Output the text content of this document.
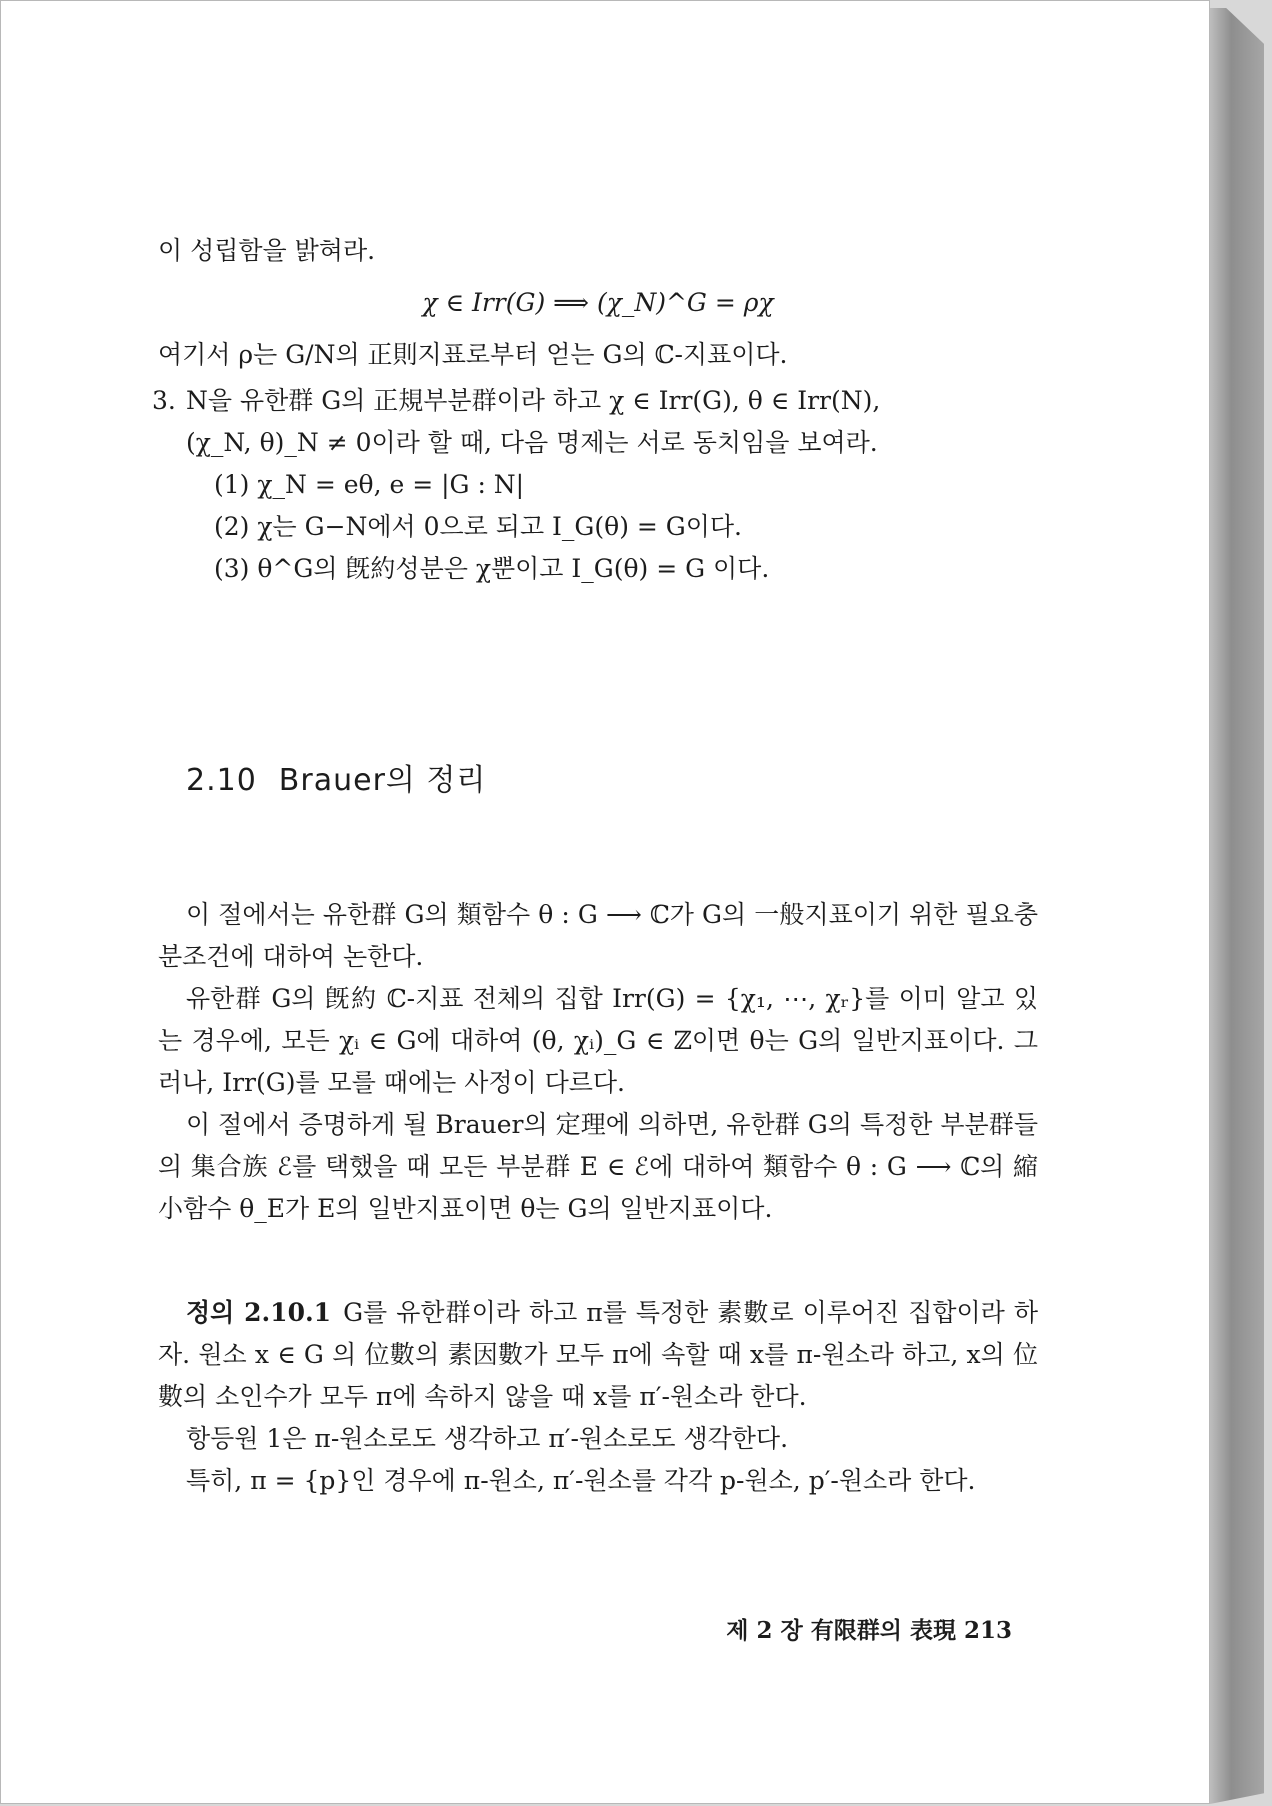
이 성립함을 밝혀라.

χ ∈ Irr(G) ⟹ (χ_N)^G = ρχ

여기서 ρ는 G/N의 正則지표로부터 얻는 G의 ℂ-지표이다.

3. N을 유한群 G의 正規부분群이라 하고 χ ∈ Irr(G), θ ∈ Irr(N),
(χ_N, θ)_N ≠ 0이라 할 때, 다음 명제는 서로 동치임을 보여라.
(1) χ_N = eθ, e = |G : N|
(2) χ는 G−N에서 0으로 되고 I_G(θ) = G이다.
(3) θ^G의 旣約성분은 χ뿐이고 I_G(θ) = G 이다.
2.10 Brauer의 정리

이 절에서는 유한群 G의 類함수 θ : G ⟶ ℂ가 G의 一般지표이기 위한 필요충분조건에 대하여 논한다.

유한群 G의 旣約 ℂ-지표 전체의 집합 Irr(G) = {χ₁, ⋯, χᵣ}를 이미 알고 있는 경우에, 모든 χᵢ ∈ G에 대하여 (θ, χᵢ)_G ∈ ℤ이면 θ는 G의 일반지표이다. 그러나, Irr(G)를 모를 때에는 사정이 다르다.

이 절에서 증명하게 될 Brauer의 定理에 의하면, 유한群 G의 특정한 부분群들의 集合族 ℰ를 택했을 때 모든 부분群 E ∈ ℰ에 대하여 類함수 θ : G ⟶ ℂ의 縮小함수 θ_E가 E의 일반지표이면 θ는 G의 일반지표이다.

정의 2.10.1 G를 유한群이라 하고 π를 특정한 素數로 이루어진 집합이라 하자. 원소 x ∈ G 의 位數의 素因數가 모두 π에 속할 때 x를 π-원소라 하고, x의 位數의 소인수가 모두 π에 속하지 않을 때 x를 π′-원소라 한다.

항등원 1은 π-원소로도 생각하고 π′-원소로도 생각한다.

특히, π = {p}인 경우에 π-원소, π′-원소를 각각 p-원소, p′-원소라 한다.

제 2 장 有限群의 表現 213
